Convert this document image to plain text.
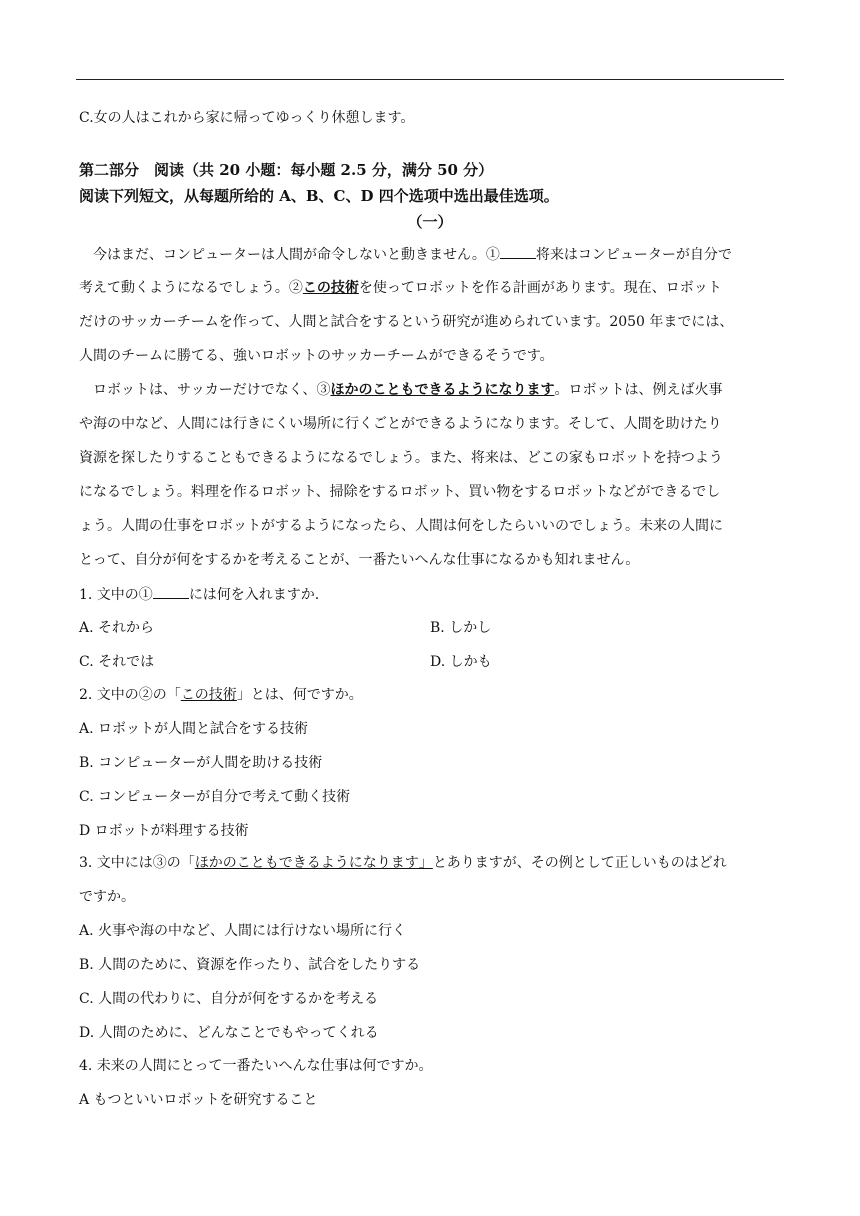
C.女の人はこれから家に帰ってゆっくり休憩します。
第二部分　阅读（共 20 小题：每小题 2.5 分，满分 50 分）
阅读下列短文，从每题所给的 A、B、C、D 四个选项中选出最佳选项。
（一）
今はまだ、コンピューターは人間が命令しないと動きません。①	将来はコンピューターが自分で
考えて動くようになるでしょう。②この技術を使ってロボットを作る計画があります。現在、ロボット
だけのサッカーチームを作って、人間と試合をするという研究が進められています。2050 年までには、
人間のチームに勝てる、強いロボットのサッカーチームができるそうです。
ロボットは、サッカーだけでなく、③ほかのこともできるようになります。ロボットは、例えば火事
や海の中など、人間には行きにくい場所に行くごとができるようになります。そして、人間を助けたり
資源を探したりすることもできるようになるでしょう。また、将来は、どこの家もロボットを持つよう
になるでしょう。料理を作るロボット、掃除をするロボット、買い物をするロボットなどができるでし
ょう。人間の仕事をロボットがするようになったら、人間は何をしたらいいのでしょう。未来の人間に
とって、自分が何をするかを考えることが、一番たいへんな仕事になるかも知れません。
1. 文中の①	には何を入れますか.
A. それから	B. しかし
C. それでは	D. しかも
2. 文中の②の「この技術」とは、何ですか。
A. ロボットが人間と試合をする技術
B. コンピューターが人間を助ける技術
C. コンピューターが自分で考えて動く技術
D ロボットが料理する技術
3. 文中には③の「ほかのこともできるようになります」とありますが、その例として正しいものはどれ
ですか。
A. 火事や海の中など、人間には行けない場所に行く
B. 人間のために、資源を作ったり、試合をしたりする
C. 人間の代わりに、自分が何をするかを考える
D. 人間のために、どんなことでもやってくれる
4. 未来の人間にとって一番たいへんな仕事は何ですか。
A もつといいロボットを研究すること
